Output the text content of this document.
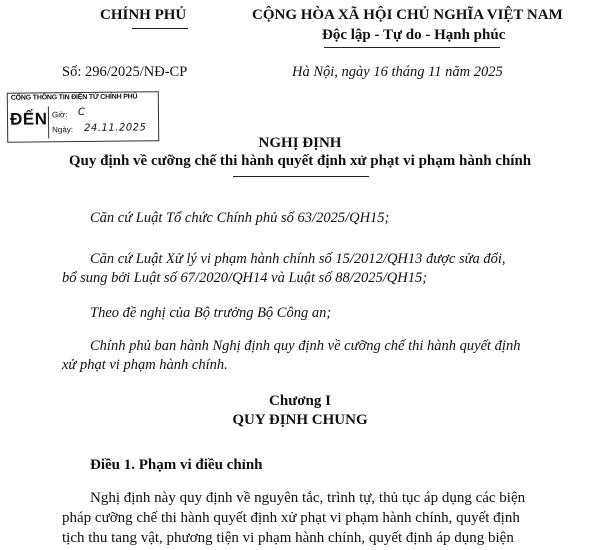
CHÍNH PHỦ
Số: 296/2025/NĐ-CP
CỘNG HÒA XÃ HỘI CHỦ NGHĨA VIỆT NAM
Độc lập - Tự do - Hạnh phúc
Hà Nội, ngày 16 tháng 11 năm 2025
CỔNG THÔNG TIN ĐIỆN TỬ CHÍNH PHỦ
ĐẾN Giờ: C
Ngày: 24.11.2025
NGHỊ ĐỊNH
Quy định về cưỡng chế thi hành quyết định xử phạt vi phạm hành chính
Căn cứ Luật Tổ chức Chính phủ số 63/2025/QH15;
Căn cứ Luật Xử lý vi phạm hành chính số 15/2012/QH13 được sửa đổi,
bổ sung bởi Luật số 67/2020/QH14 và Luật số 88/2025/QH15;
Theo đề nghị của Bộ trưởng Bộ Công an;
Chính phủ ban hành Nghị định quy định về cưỡng chế thi hành quyết định
xử phạt vi phạm hành chính.
Chương I
QUY ĐỊNH CHUNG
Điều 1. Phạm vi điều chỉnh
Nghị định này quy định về nguyên tắc, trình tự, thủ tục áp dụng các biện
pháp cưỡng chế thi hành quyết định xử phạt vi phạm hành chính, quyết định
tịch thu tang vật, phương tiện vi phạm hành chính, quyết định áp dụng biện
